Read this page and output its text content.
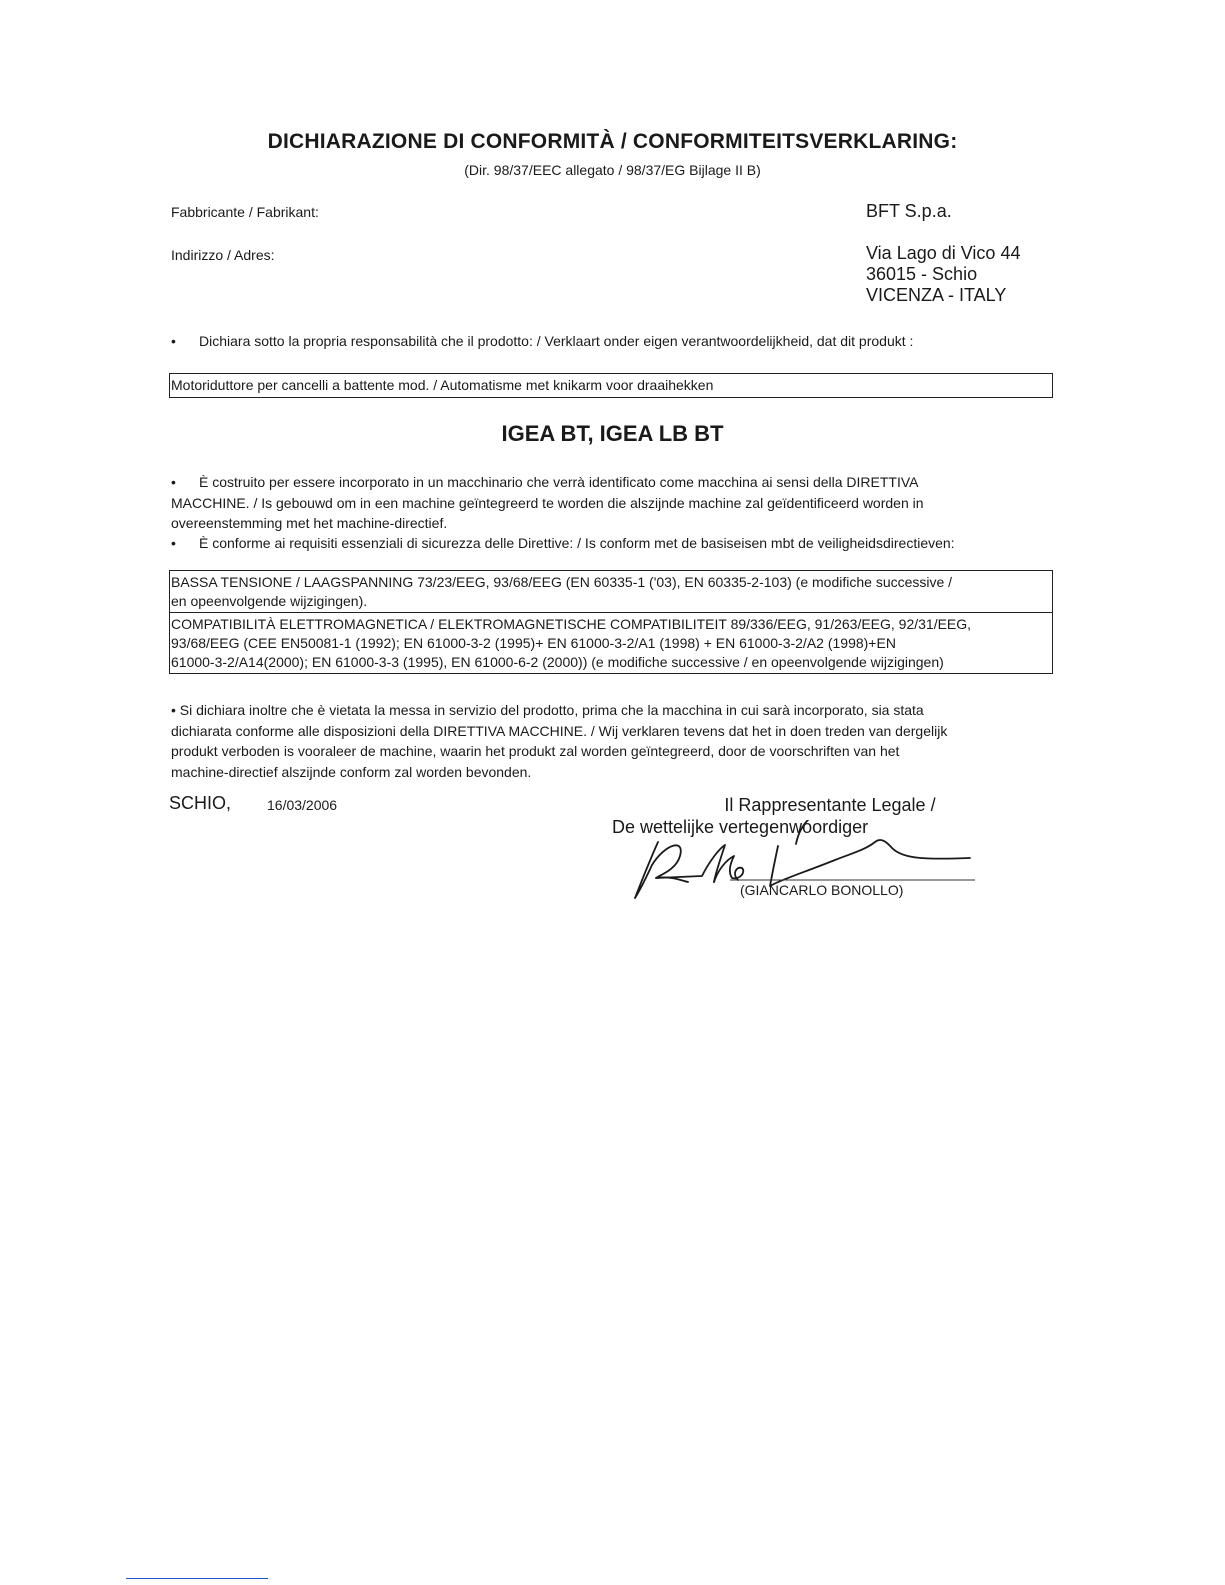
DICHIARAZIONE DI CONFORMITÀ / CONFORMITEITSVERKLARING:
(Dir. 98/37/EEC allegato / 98/37/EG Bijlage II B)
Fabbricante / Fabrikant:	BFT S.p.a.
Indirizzo / Adres:	Via Lago di Vico 44
36015 - Schio
VICENZA - ITALY
• Dichiara sotto la propria responsabilità che il prodotto: / Verklaart onder eigen verantwoordelijkheid, dat dit produkt :
Motoriduttore per cancelli a battente mod. / Automatisme met knikarm voor draaihekken
IGEA BT, IGEA LB BT

• È costruito per essere incorporato in un macchinario che verrà identificato come macchina ai sensi della DIRETTIVA

MACCHINE. / Is gebouwd om in een machine geïntegreerd te worden die alszijnde machine zal geïdentificeerd worden in

overeenstemming met het machine-directief.

• È conforme ai requisiti essenziali di sicurezza delle Direttive: / Is conform met de basiseisen mbt de veiligheidsdirectieven:
BASSA TENSIONE / LAAGSPANNING 73/23/EEG, 93/68/EEG (EN 60335-1 ('03), EN 60335-2-103) (e modifiche successive /
en opeenvolgende wijzigingen).
COMPATIBILITÀ ELETTROMAGNETICA / ELEKTROMAGNETISCHE COMPATIBILITEIT 89/336/EEG, 91/263/EEG, 92/31/EEG,
93/68/EEG (CEE EN50081-1 (1992); EN 61000-3-2 (1995)+ EN 61000-3-2/A1 (1998) + EN 61000-3-2/A2 (1998)+EN
61000-3-2/A14(2000); EN 61000-3-3 (1995), EN 61000-6-2 (2000)) (e modifiche successive / en opeenvolgende wijzigingen)

• Si dichiara inoltre che è vietata la messa in servizio del prodotto, prima che la macchina in cui sarà incorporato, sia stata

dichiarata conforme alle disposizioni della DIRETTIVA MACCHINE. / Wij verklaren tevens dat het in doen treden van dergelijk

produkt verboden is vooraleer de machine, waarin het produkt zal worden geïntegreerd, door de voorschriften van het

machine-directief alszijnde conform zal worden bevonden.

SCHIO,	16/03/2006	Il Rappresentante Legale /
De wettelijke vertegenwoordiger
(GIANCARLO BONOLLO)
